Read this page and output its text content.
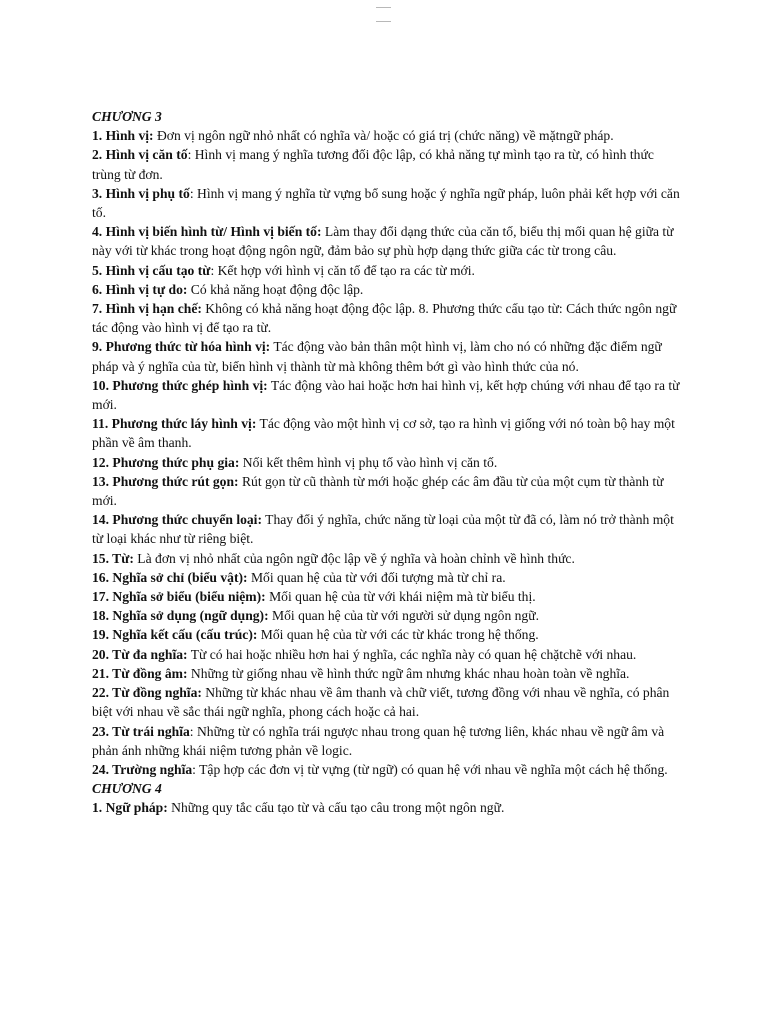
CHƯƠNG 3

1. Hình vị: Đơn vị ngôn ngữ nhỏ nhất có nghĩa và/ hoặc có giá trị (chức năng) về mặtngữ pháp.

2. Hình vị căn tố: Hình vị mang ý nghĩa tương đối độc lập, có khả năng tự mình tạo ra từ, có hình thức trùng từ đơn.

3. Hình vị phụ tố: Hình vị mang ý nghĩa từ vựng bổ sung hoặc ý nghĩa ngữ pháp, luôn phải kết hợp với căn tố.

4. Hình vị biến hình từ/ Hình vị biến tố: Làm thay đổi dạng thức của căn tố, biểu thị mối quan hệ giữa từ này với từ khác trong hoạt động ngôn ngữ, đảm bảo sự phù hợp dạng thức giữa các từ trong câu.

5. Hình vị cấu tạo từ: Kết hợp với hình vị căn tố để tạo ra các từ mới.

6. Hình vị tự do: Có khả năng hoạt động độc lập.

7. Hình vị hạn chế: Không có khả năng hoạt động độc lập. 8. Phương thức cấu tạo từ: Cách thức ngôn ngữ tác động vào hình vị để tạo ra từ.

9. Phương thức từ hóa hình vị: Tác động vào bản thân một hình vị, làm cho nó có những đặc điểm ngữ pháp và ý nghĩa của từ, biến hình vị thành từ mà không thêm bớt gì vào hình thức của nó.

10. Phương thức ghép hình vị: Tác động vào hai hoặc hơn hai hình vị, kết hợp chúng với nhau để tạo ra từ mới.

11. Phương thức láy hình vị: Tác động vào một hình vị cơ sở, tạo ra hình vị giống với nó toàn bộ hay một phần về âm thanh.

12. Phương thức phụ gia: Nối kết thêm hình vị phụ tố vào hình vị căn tố.

13. Phương thức rút gọn: Rút gọn từ cũ thành từ mới hoặc ghép các âm đầu từ của một cụm từ thành từ mới.

14. Phương thức chuyển loại: Thay đổi ý nghĩa, chức năng từ loại của một từ đã có, làm nó trở thành một từ loại khác như từ riêng biệt.

15. Từ: Là đơn vị nhỏ nhất của ngôn ngữ độc lập về ý nghĩa và hoàn chỉnh về hình thức.

16. Nghĩa sở chỉ (biểu vật): Mối quan hệ của từ với đối tượng mà từ chỉ ra.

17. Nghĩa sở biểu (biểu niệm): Mối quan hệ của từ với khái niệm mà từ biểu thị.

18. Nghĩa sở dụng (ngữ dụng): Mối quan hệ của từ với người sử dụng ngôn ngữ.

19. Nghĩa kết cấu (cấu trúc): Mối quan hệ của từ với các từ khác trong hệ thống.

20. Từ đa nghĩa: Từ có hai hoặc nhiều hơn hai ý nghĩa, các nghĩa này có quan hệ chặtchẽ với nhau.

21. Từ đồng âm: Những từ giống nhau về hình thức ngữ âm nhưng khác nhau hoàn toàn về nghĩa.

22. Từ đồng nghĩa: Những từ khác nhau về âm thanh và chữ viết, tương đồng với nhau về nghĩa, có phân biệt với nhau về sắc thái ngữ nghĩa, phong cách hoặc cả hai.

23. Từ trái nghĩa: Những từ có nghĩa trái ngược nhau trong quan hệ tương liên, khác nhau về ngữ âm và phản ánh những khái niệm tương phản về logic.

24. Trường nghĩa: Tập hợp các đơn vị từ vựng (từ ngữ) có quan hệ với nhau về nghĩa một cách hệ thống.

CHƯƠNG 4

1. Ngữ pháp: Những quy tắc cấu tạo từ và cấu tạo câu trong một ngôn ngữ.
